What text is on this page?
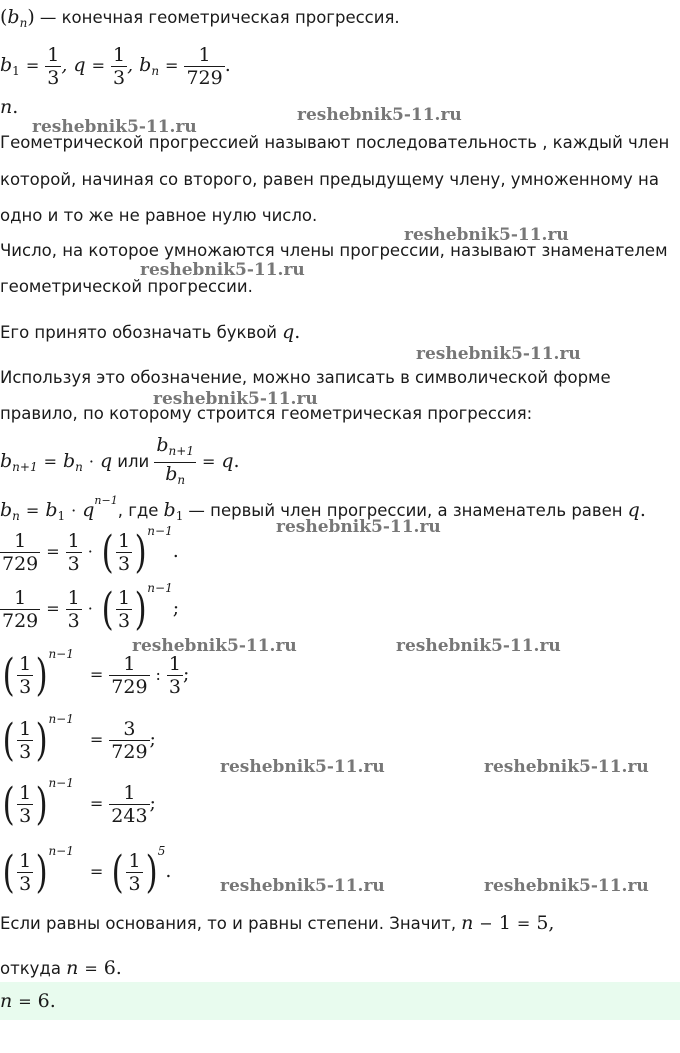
$(b_n)$ — конечная геометрическая прогрессия.
$b_1 = \frac{1}{3}$ , $q = \frac{1}{3}$ , $b_n = \frac{1}{729}$ .
n.
Геометрической прогрессией называют последовательность , каждый член
которой, начиная со второго, равен предыдущему члену, умноженному на
одно и то же не равное нулю число.
Число, на которое умножаются члены прогрессии, называют знаменателем
геометрической прогрессии.
Его принято обозначать буквой q.
Используя это обозначение, можно записать в символической форме
правило, по которому строится геометрическая прогрессия:
$b_{n+1} = b_n \cdot q$ или $\frac{b_{n+1}}{b_n} = q$.
$b_n = b_1 \cdot q^{n-1}$, где $b_1$ — первый член прогрессии, а знаменатель равен q.
$\frac{1}{729} = \frac{1}{3}$ · ( $\frac{1}{3} )^{n-1}$.
$\frac{1}{729} = \frac{1}{3}$ · ( $\frac{1}{3} )^{n-1}$;
( $\frac{1}{3} )^{n-1}= \frac{1}{729}$ : $\frac{1}{3}$ ;
( $\frac{1}{3} )^{n-1}= \frac{3}{729}$ ;
( $\frac{1}{3} )^{n-1}= \frac{1}{243}$ ;
( $\frac{1}{3} )^{n-1}=$ ( $\frac{1}{3} )^5$.
Если равны основания, то и равны степени. Значит, n − 1 = 5,
откуда n = 6.
n = 6.
reshebnik5-11.ru
reshebnik5-11.ru
reshebnik5-11.ru
reshebnik5-11.ru
reshebnik5-11.ru
reshebnik5-11.ru
reshebnik5-11.ru
reshebnik5-11.ru	reshebnik5-11.ru
reshebnik5-11.ru	reshebnik5-11.ru
reshebnik5-11.ru	reshebnik5-11.ru
